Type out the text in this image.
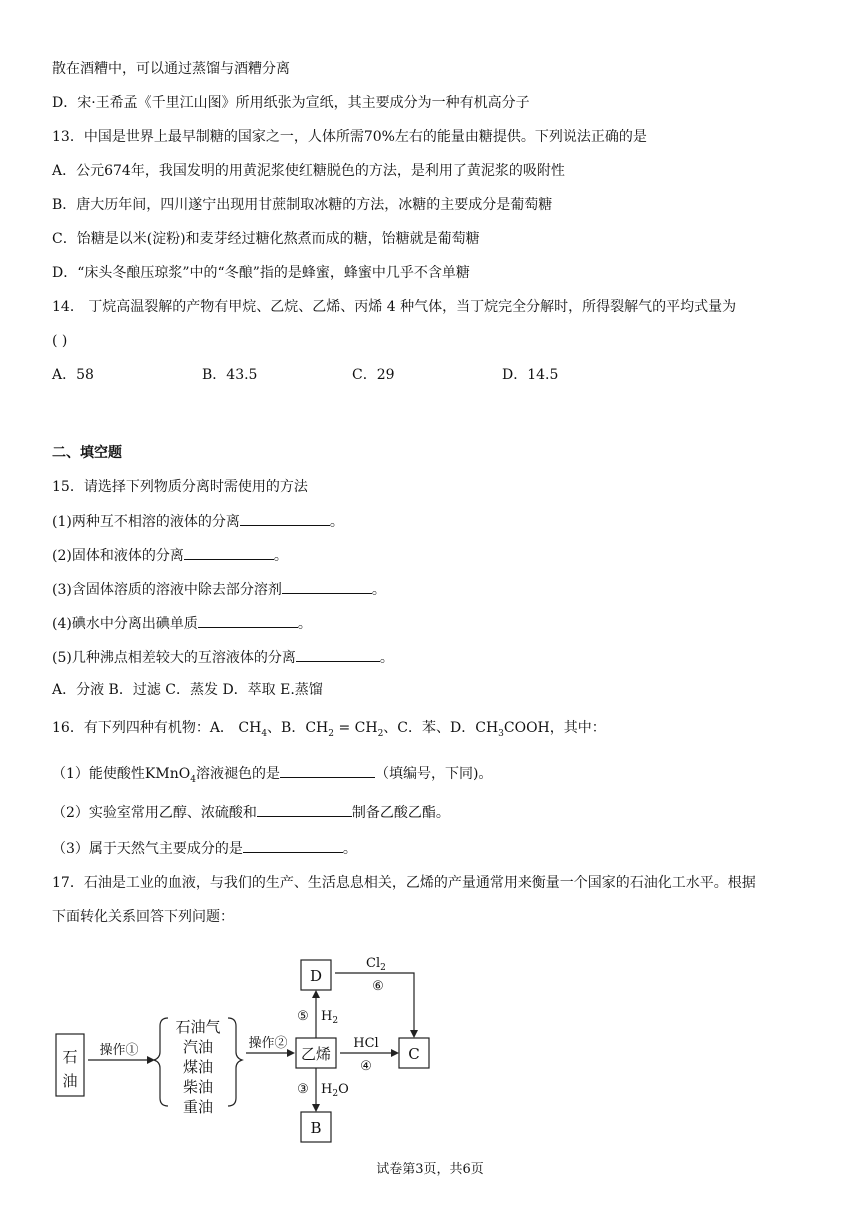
散在酒糟中，可以通过蒸馏与酒糟分离
D．宋·王希孟《千里江山图》所用纸张为宣纸，其主要成分为一种有机高分子
13．中国是世界上最早制糖的国家之一，人体所需70%左右的能量由糖提供。下列说法正确的是
A．公元674年，我国发明的用黄泥浆使红糖脱色的方法，是利用了黄泥浆的吸附性
B．唐大历年间，四川遂宁出现用甘蔗制取冰糖的方法，冰糖的主要成分是葡萄糖
C．饴糖是以米(淀粉)和麦芽经过糖化熬煮而成的糖，饴糖就是葡萄糖
D．“床头冬酿压琼浆”中的“冬酿”指的是蜂蜜，蜂蜜中几乎不含单糖
14． 丁烷高温裂解的产物有甲烷、乙烷、乙烯、丙烯 4 种气体，当丁烷完全分解时，所得裂解气的平均式量为
( )
A．58	B．43.5	C．29	D．14.5
二、填空题
15．请选择下列物质分离时需使用的方法
(1)两种互不相溶的液体的分离	。
(2)固体和液体的分离	。
(3)含固体溶质的溶液中除去部分溶剂	。
(4)碘水中分离出碘单质	。
(5)几种沸点相差较大的互溶液体的分离	。
A．分液 B．过滤 C．蒸发 D．萃取 E.蒸馏
16．有下列四种有机物：A． $CH_4$、B．$CH_2 = CH_2$、C．苯、D．$CH_3COOH$，其中：
（1）能使酸性KMnO$_4$溶液褪色的是	（填编号，下同)。
（2）实验室常用乙醇、浓硫酸和	制备乙酸乙酯。
（3）属于天然气主要成分的是	。
17．石油是工业的血液，与我们的生产、生活息息相关，乙烯的产量通常用来衡量一个国家的石油化工水平。根据
下面转化关系回答下列问题：
石
油
操作①
石油气
汽油
煤油
柴油
重油
操作②
乙烯
D
B
C
$Cl_2$
⑥
⑤ $H_2$
HCl
④
③ $H_2O$
试卷第3页，共6页
